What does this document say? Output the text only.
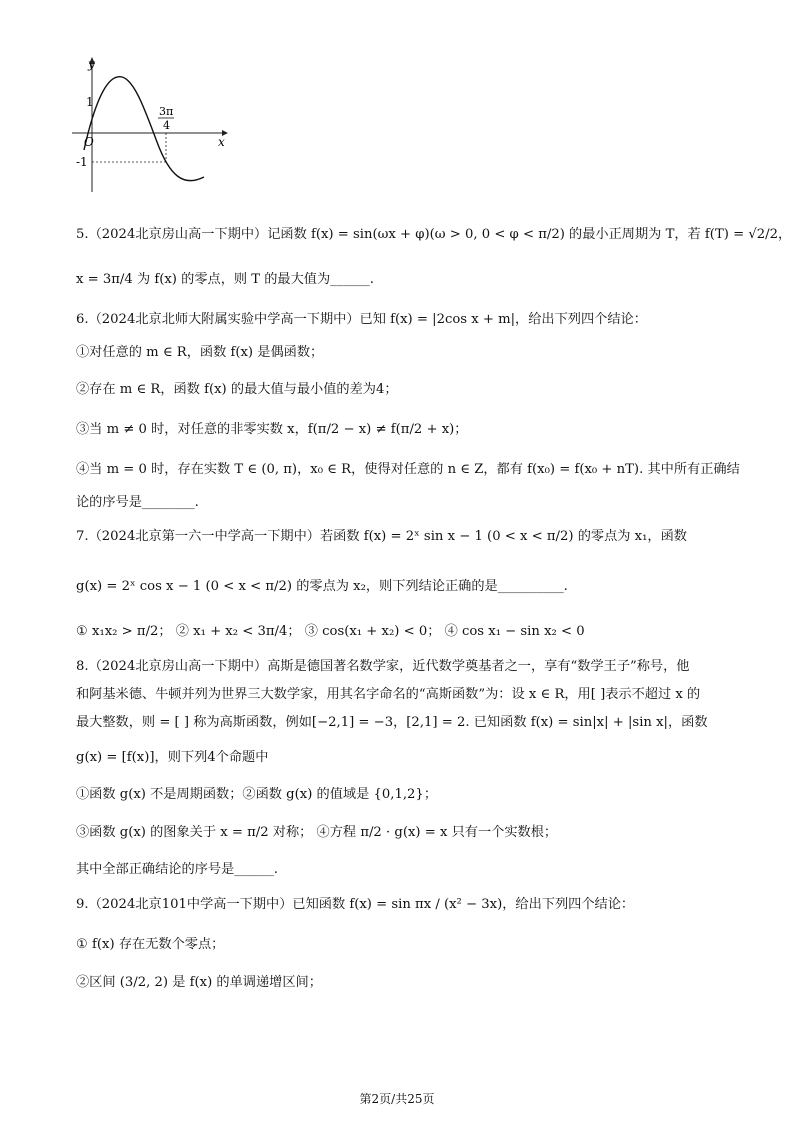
y
x
O
1
-1
3π
4
5.（2024北京房山高一下期中）记函数 f(x) = sin(ωx + φ)(ω > 0, 0 < φ < π/2) 的最小正周期为 T，若 f(T) = √2/2，
x = 3π/4 为 f(x) 的零点，则 T 的最大值为______.
6.（2024北京北师大附属实验中学高一下期中）已知 f(x) = |2cos x + m|，给出下列四个结论：
①对任意的 m ∈ R，函数 f(x) 是偶函数；
②存在 m ∈ R，函数 f(x) 的最大值与最小值的差为4；
③当 m ≠ 0 时，对任意的非零实数 x，f(π/2 − x) ≠ f(π/2 + x)；
④当 m = 0 时，存在实数 T ∈ (0, π)，x₀ ∈ R，使得对任意的 n ∈ Z，都有 f(x₀) = f(x₀ + nT). 其中所有正确结
论的序号是________.
7.（2024北京第一六一中学高一下期中）若函数 f(x) = 2ˣ sin x − 1 (0 < x < π/2) 的零点为 x₁，函数
g(x) = 2ˣ cos x − 1 (0 < x < π/2) 的零点为 x₂，则下列结论正确的是__________.
① x₁x₂ > π/2； ② x₁ + x₂ < 3π/4； ③ cos(x₁ + x₂) < 0； ④ cos x₁ − sin x₂ < 0
8.（2024北京房山高一下期中）高斯是德国著名数学家，近代数学奠基者之一，享有“数学王子”称号，他
和阿基米德、牛顿并列为世界三大数学家，用其名字命名的“高斯函数”为：设 x ∈ R，用[ ]表示不超过 x 的
最大整数，则 = [ ] 称为高斯函数，例如[−2,1] = −3，[2,1] = 2. 已知函数 f(x) = sin|x| + |sin x|，函数
g(x) = [f(x)]，则下列4个命题中
①函数 g(x) 不是周期函数；②函数 g(x) 的值域是 {0,1,2}；
③函数 g(x) 的图象关于 x = π/2 对称； ④方程 π/2 · g(x) = x 只有一个实数根；
其中全部正确结论的序号是______.
9.（2024北京101中学高一下期中）已知函数 f(x) = sin πx / (x² − 3x)，给出下列四个结论：
① f(x) 存在无数个零点；
②区间 (3/2, 2) 是 f(x) 的单调递增区间；
第2页/共25页
